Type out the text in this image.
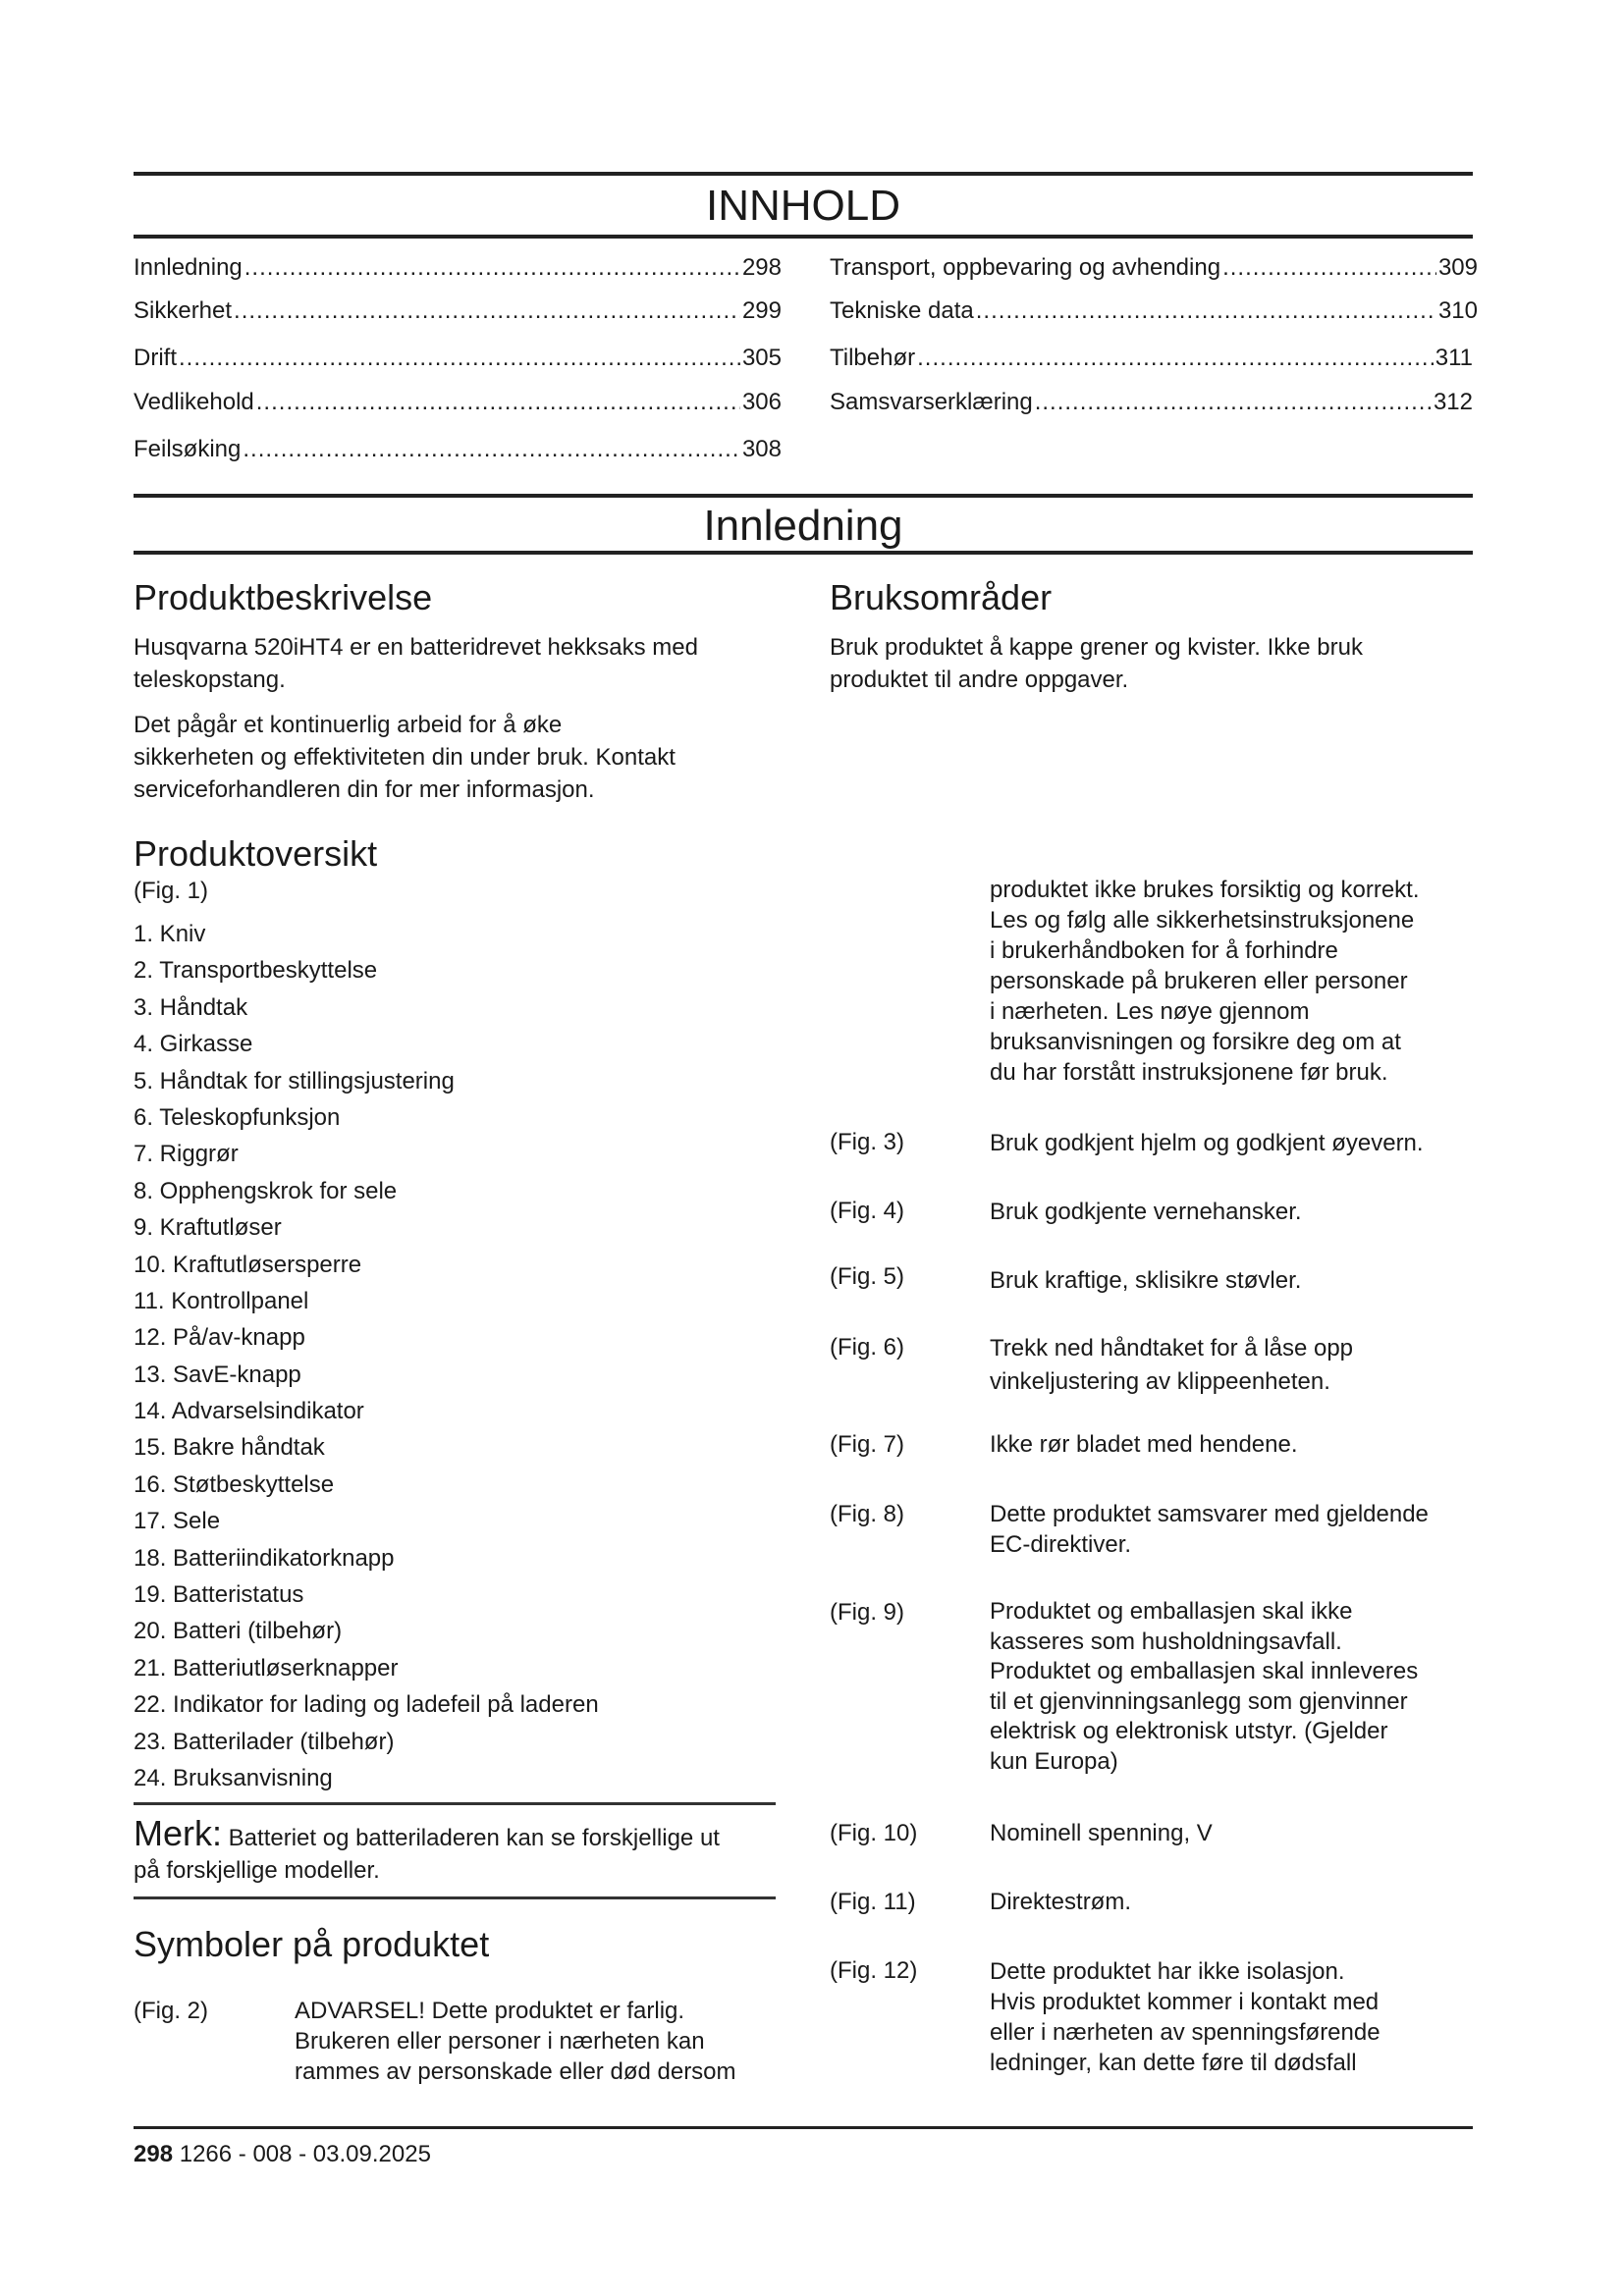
INNHOLD
Innledning .....	298
Sikkerhet .....	299
Drift .....	305
Vedlikehold .....	306
Feilsøking .....	308
Transport, oppbevaring og avhending .....	309
Tekniske data .....	310
Tilbehør .....	311
Samsvarserklæring .....	312
Innledning
Produktbeskrivelse
Husqvarna 520iHT4 er en batteridrevet hekksaks med
teleskopstang.
Det pågår et kontinuerlig arbeid for å øke
sikkerheten og effektiviteten din under bruk. Kontakt
serviceforhandleren din for mer informasjon.
Produktoversikt
(Fig. 1)
1. Kniv
2. Transportbeskyttelse
3. Håndtak
4. Girkasse
5. Håndtak for stillingsjustering
6. Teleskopfunksjon
7. Riggrør
8. Opphengskrok for sele
9. Kraftutløser
10. Kraftutløsersperre
11. Kontrollpanel
12. På/av-knapp
13. SavE-knapp
14. Advarselsindikator
15. Bakre håndtak
16. Støtbeskyttelse
17. Sele
18. Batteriindikatorknapp
19. Batteristatus
20. Batteri (tilbehør)
21. Batteriutløserknapper
22. Indikator for lading og ladefeil på laderen
23. Batterilader (tilbehør)
24. Bruksanvisning
Merk: Batteriet og batteriladeren kan se forskjellige ut
på forskjellige modeller.
Symboler på produktet
(Fig. 2)	ADVARSEL! Dette produktet er farlig.
Brukeren eller personer i nærheten kan
rammes av personskade eller død dersom
Bruksområder
Bruk produktet å kappe grener og kvister. Ikke bruk
produktet til andre oppgaver.
produktet ikke brukes forsiktig og korrekt.
Les og følg alle sikkerhetsinstruksjonene
i brukerhåndboken for å forhindre
personskade på brukeren eller personer
i nærheten. Les nøye gjennom
bruksanvisningen og forsikre deg om at
du har forstått instruksjonene før bruk.
(Fig. 3)	Bruk godkjent hjelm og godkjent øyevern.
(Fig. 4)	Bruk godkjente vernehansker.
(Fig. 5)	Bruk kraftige, sklisikre støvler.
(Fig. 6)	Trekk ned håndtaket for å låse opp
vinkeljustering av klippeenheten.
(Fig. 7)	Ikke rør bladet med hendene.
(Fig. 8)	Dette produktet samsvarer med gjeldende
EC-direktiver.
(Fig. 9)	Produktet og emballasjen skal ikke
kasseres som husholdningsavfall.
Produktet og emballasjen skal innleveres
til et gjenvinningsanlegg som gjenvinner
elektrisk og elektronisk utstyr. (Gjelder
kun Europa)
(Fig. 10)	Nominell spenning, V
(Fig. 11)	Direktestrøm.
(Fig. 12)	Dette produktet har ikke isolasjon.
Hvis produktet kommer i kontakt med
eller i nærheten av spenningsførende
ledninger, kan dette føre til dødsfall
298 1266 - 008 - 03.09.2025
